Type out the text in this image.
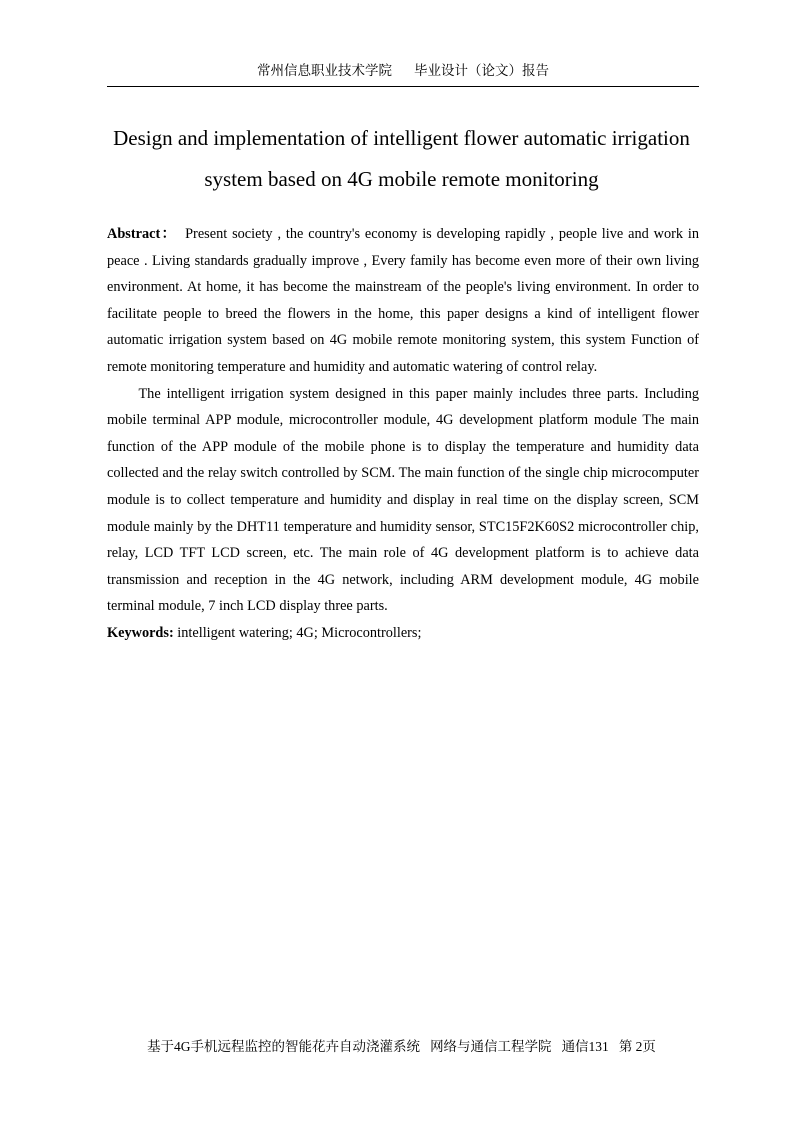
常州信息职业技术学院 毕业设计（论文）报告
Design and implementation of intelligent flower automatic irrigation
system based on 4G mobile remote monitoring

Abstract： Present society , the country's economy is developing rapidly , people live and work in peace . Living standards gradually improve , Every family has become even more of their own living environment. At home, it has become the mainstream of the people's living environment. In order to facilitate people to breed the flowers in the home, this paper designs a kind of intelligent flower automatic irrigation system based on 4G mobile remote monitoring system, this system Function of remote monitoring temperature and humidity and automatic watering of control relay.

The intelligent irrigation system designed in this paper mainly includes three parts. Including mobile terminal APP module, microcontroller module, 4G development platform module The main function of the APP module of the mobile phone is to display the temperature and humidity data collected and the relay switch controlled by SCM. The main function of the single chip microcomputer module is to collect temperature and humidity and display in real time on the display screen, SCM module mainly by the DHT11 temperature and humidity sensor, STC15F2K60S2 microcontroller chip, relay, LCD TFT LCD screen, etc. The main role of 4G development platform is to achieve data transmission and reception in the 4G network, including ARM development module, 4G mobile terminal module, 7 inch LCD display three parts.

Keywords: intelligent watering; 4G; Microcontrollers;

基于4G手机远程监控的智能花卉自动浇灌系统 网络与通信工程学院 通信131 第 2页
